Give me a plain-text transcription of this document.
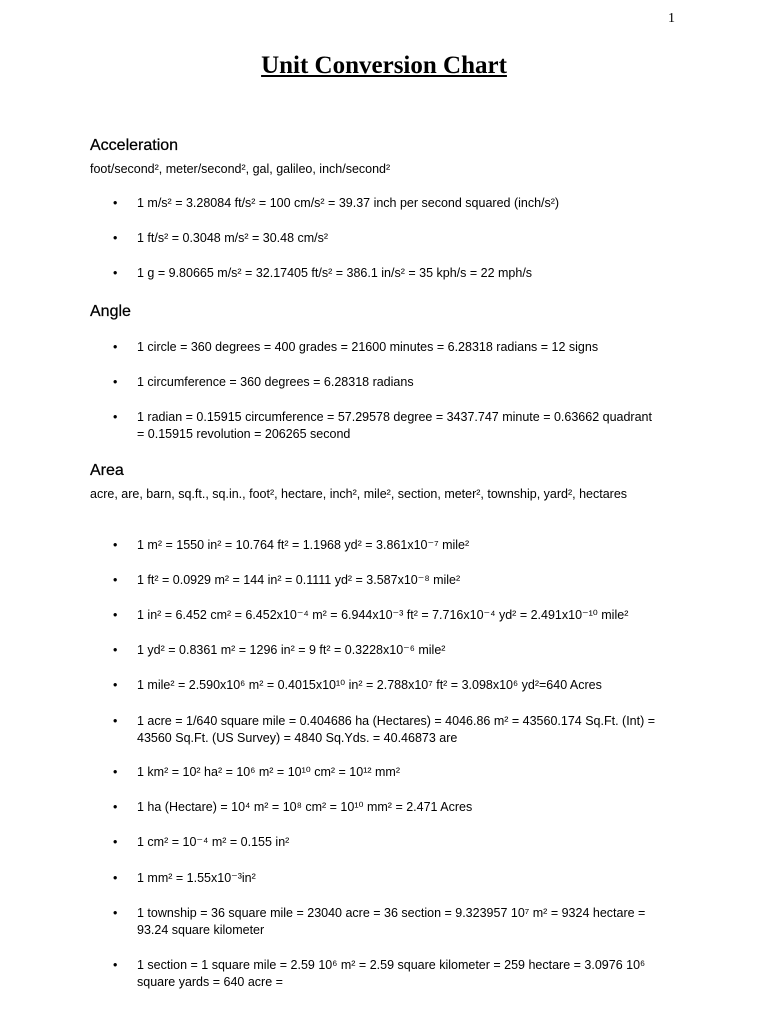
1
Unit Conversion Chart
Acceleration
foot/second², meter/second², gal, galileo, inch/second²
• 1 m/s² = 3.28084 ft/s² = 100 cm/s² = 39.37 inch per second squared (inch/s²)
• 1 ft/s² = 0.3048 m/s² = 30.48 cm/s²
• 1 g = 9.80665 m/s² = 32.17405 ft/s² = 386.1 in/s² = 35 kph/s = 22 mph/s
Angle
• 1 circle = 360 degrees = 400 grades = 21600 minutes = 6.28318 radians = 12 signs
• 1 circumference = 360 degrees = 6.28318 radians
• 1 radian = 0.15915 circumference = 57.29578 degree = 3437.747 minute = 0.63662 quadrant = 0.15915 revolution = 206265 second
Area
acre, are, barn, sq.ft., sq.in., foot², hectare, inch², mile², section, meter², township, yard², hectares
• 1 m² = 1550 in² = 10.764 ft² = 1.1968 yd² = 3.861x10⁻⁷ mile²
• 1 ft² = 0.0929 m² = 144 in² = 0.1111 yd² = 3.587x10⁻⁸ mile²
• 1 in² = 6.452 cm² = 6.452x10⁻⁴ m² = 6.944x10⁻³ ft² = 7.716x10⁻⁴ yd² = 2.491x10⁻¹⁰ mile²
• 1 yd² = 0.8361 m² = 1296 in² = 9 ft² = 0.3228x10⁻⁶ mile²
• 1 mile² = 2.590x10⁶ m² = 0.4015x10¹⁰ in² = 2.788x10⁷ ft² = 3.098x10⁶ yd²=640 Acres
• 1 acre = 1/640 square mile = 0.404686 ha (Hectares) = 4046.86 m² = 43560.174 Sq.Ft. (Int) = 43560 Sq.Ft. (US Survey) = 4840 Sq.Yds. = 40.46873 are
• 1 km² = 10² ha² = 10⁶ m² = 10¹⁰ cm² = 10¹² mm²
• 1 ha (Hectare) = 10⁴ m² = 10⁸ cm² = 10¹⁰ mm² = 2.471 Acres
• 1 cm² = 10⁻⁴ m² = 0.155 in²
• 1 mm² = 1.55x10⁻³in²
• 1 township = 36 square mile = 23040 acre = 36 section = 9.323957 10⁷ m² = 9324 hectare = 93.24 square kilometer
• 1 section = 1 square mile = 2.59 10⁶ m² = 2.59 square kilometer = 259 hectare = 3.0976 10⁶ square yards = 640 acre =
